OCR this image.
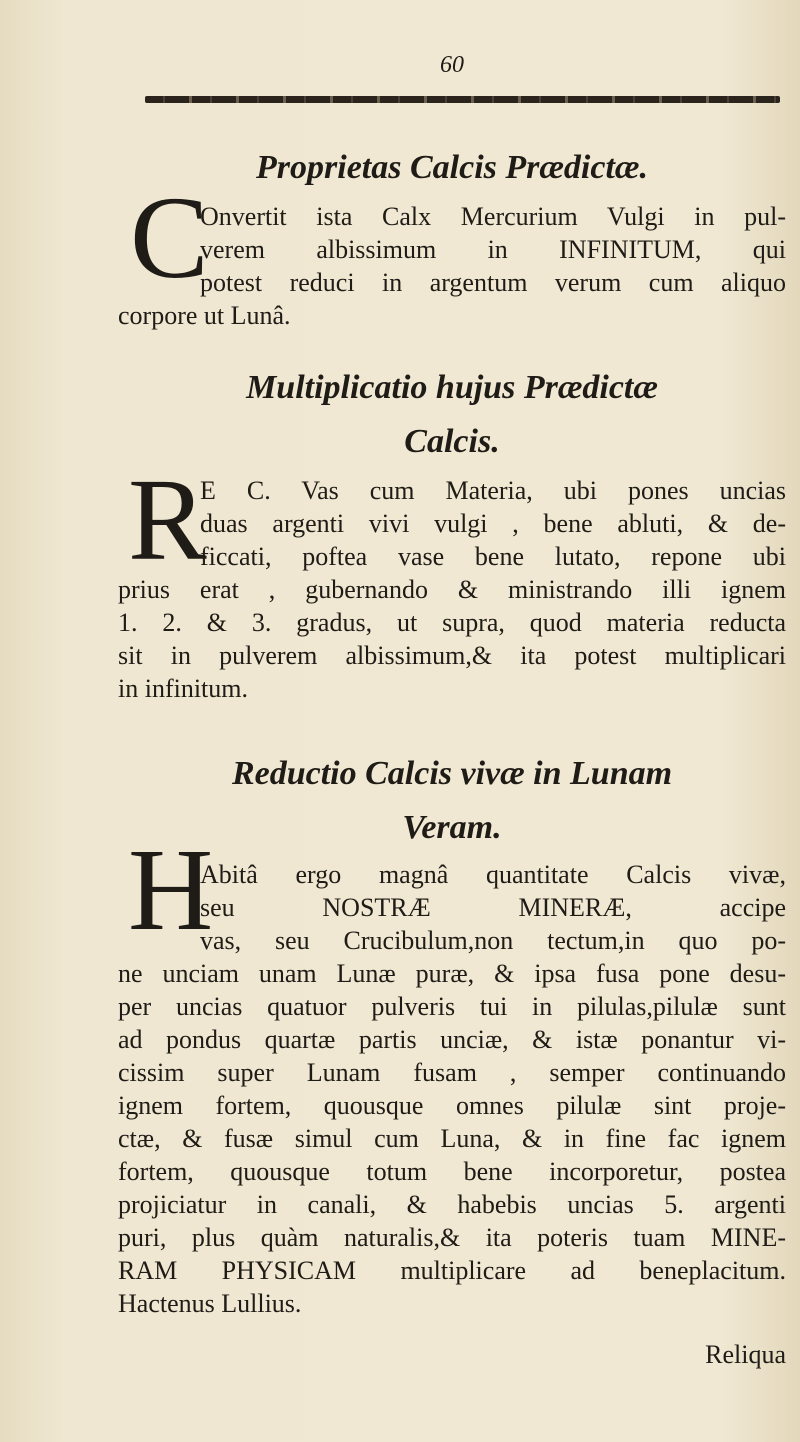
60
Proprietas Calcis Prædictæ.
C
Onvertit ista Calx Mercurium Vulgi in pul-
verem albissimum in INFINITUM, qui
potest reduci in argentum verum cum aliquo
corpore ut Lunâ.
Multiplicatio hujus Prædictæ
Calcis.
R
E C. Vas cum Materia, ubi pones uncias
duas argenti vivi vulgi , bene abluti, & de-
ficcati, poftea vase bene lutato, repone ubi
prius erat , gubernando & ministrando illi ignem
1. 2. & 3. gradus, ut supra, quod materia reducta
sit in pulverem albissimum,& ita potest multiplicari
in infinitum.
Reductio Calcis vivæ in Lunam
Veram.
H
Abitâ ergo magnâ quantitate Calcis vivæ,
seu NOSTRÆ MINERÆ, accipe
vas, seu Crucibulum,non tectum,in quo po-
ne unciam unam Lunæ puræ, & ipsa fusa pone desu-
per uncias quatuor pulveris tui in pilulas,pilulæ sunt
ad pondus quartæ partis unciæ, & istæ ponantur vi-
cissim super Lunam fusam , semper continuando
ignem fortem, quousque omnes pilulæ sint proje-
ctæ, & fusæ simul cum Luna, & in fine fac ignem
fortem, quousque totum bene incorporetur, postea
projiciatur in canali, & habebis uncias 5. argenti
puri, plus quàm naturalis,& ita poteris tuam MINE-
RAM PHYSICAM multiplicare ad beneplacitum.
Hactenus Lullius.
Reliqua
